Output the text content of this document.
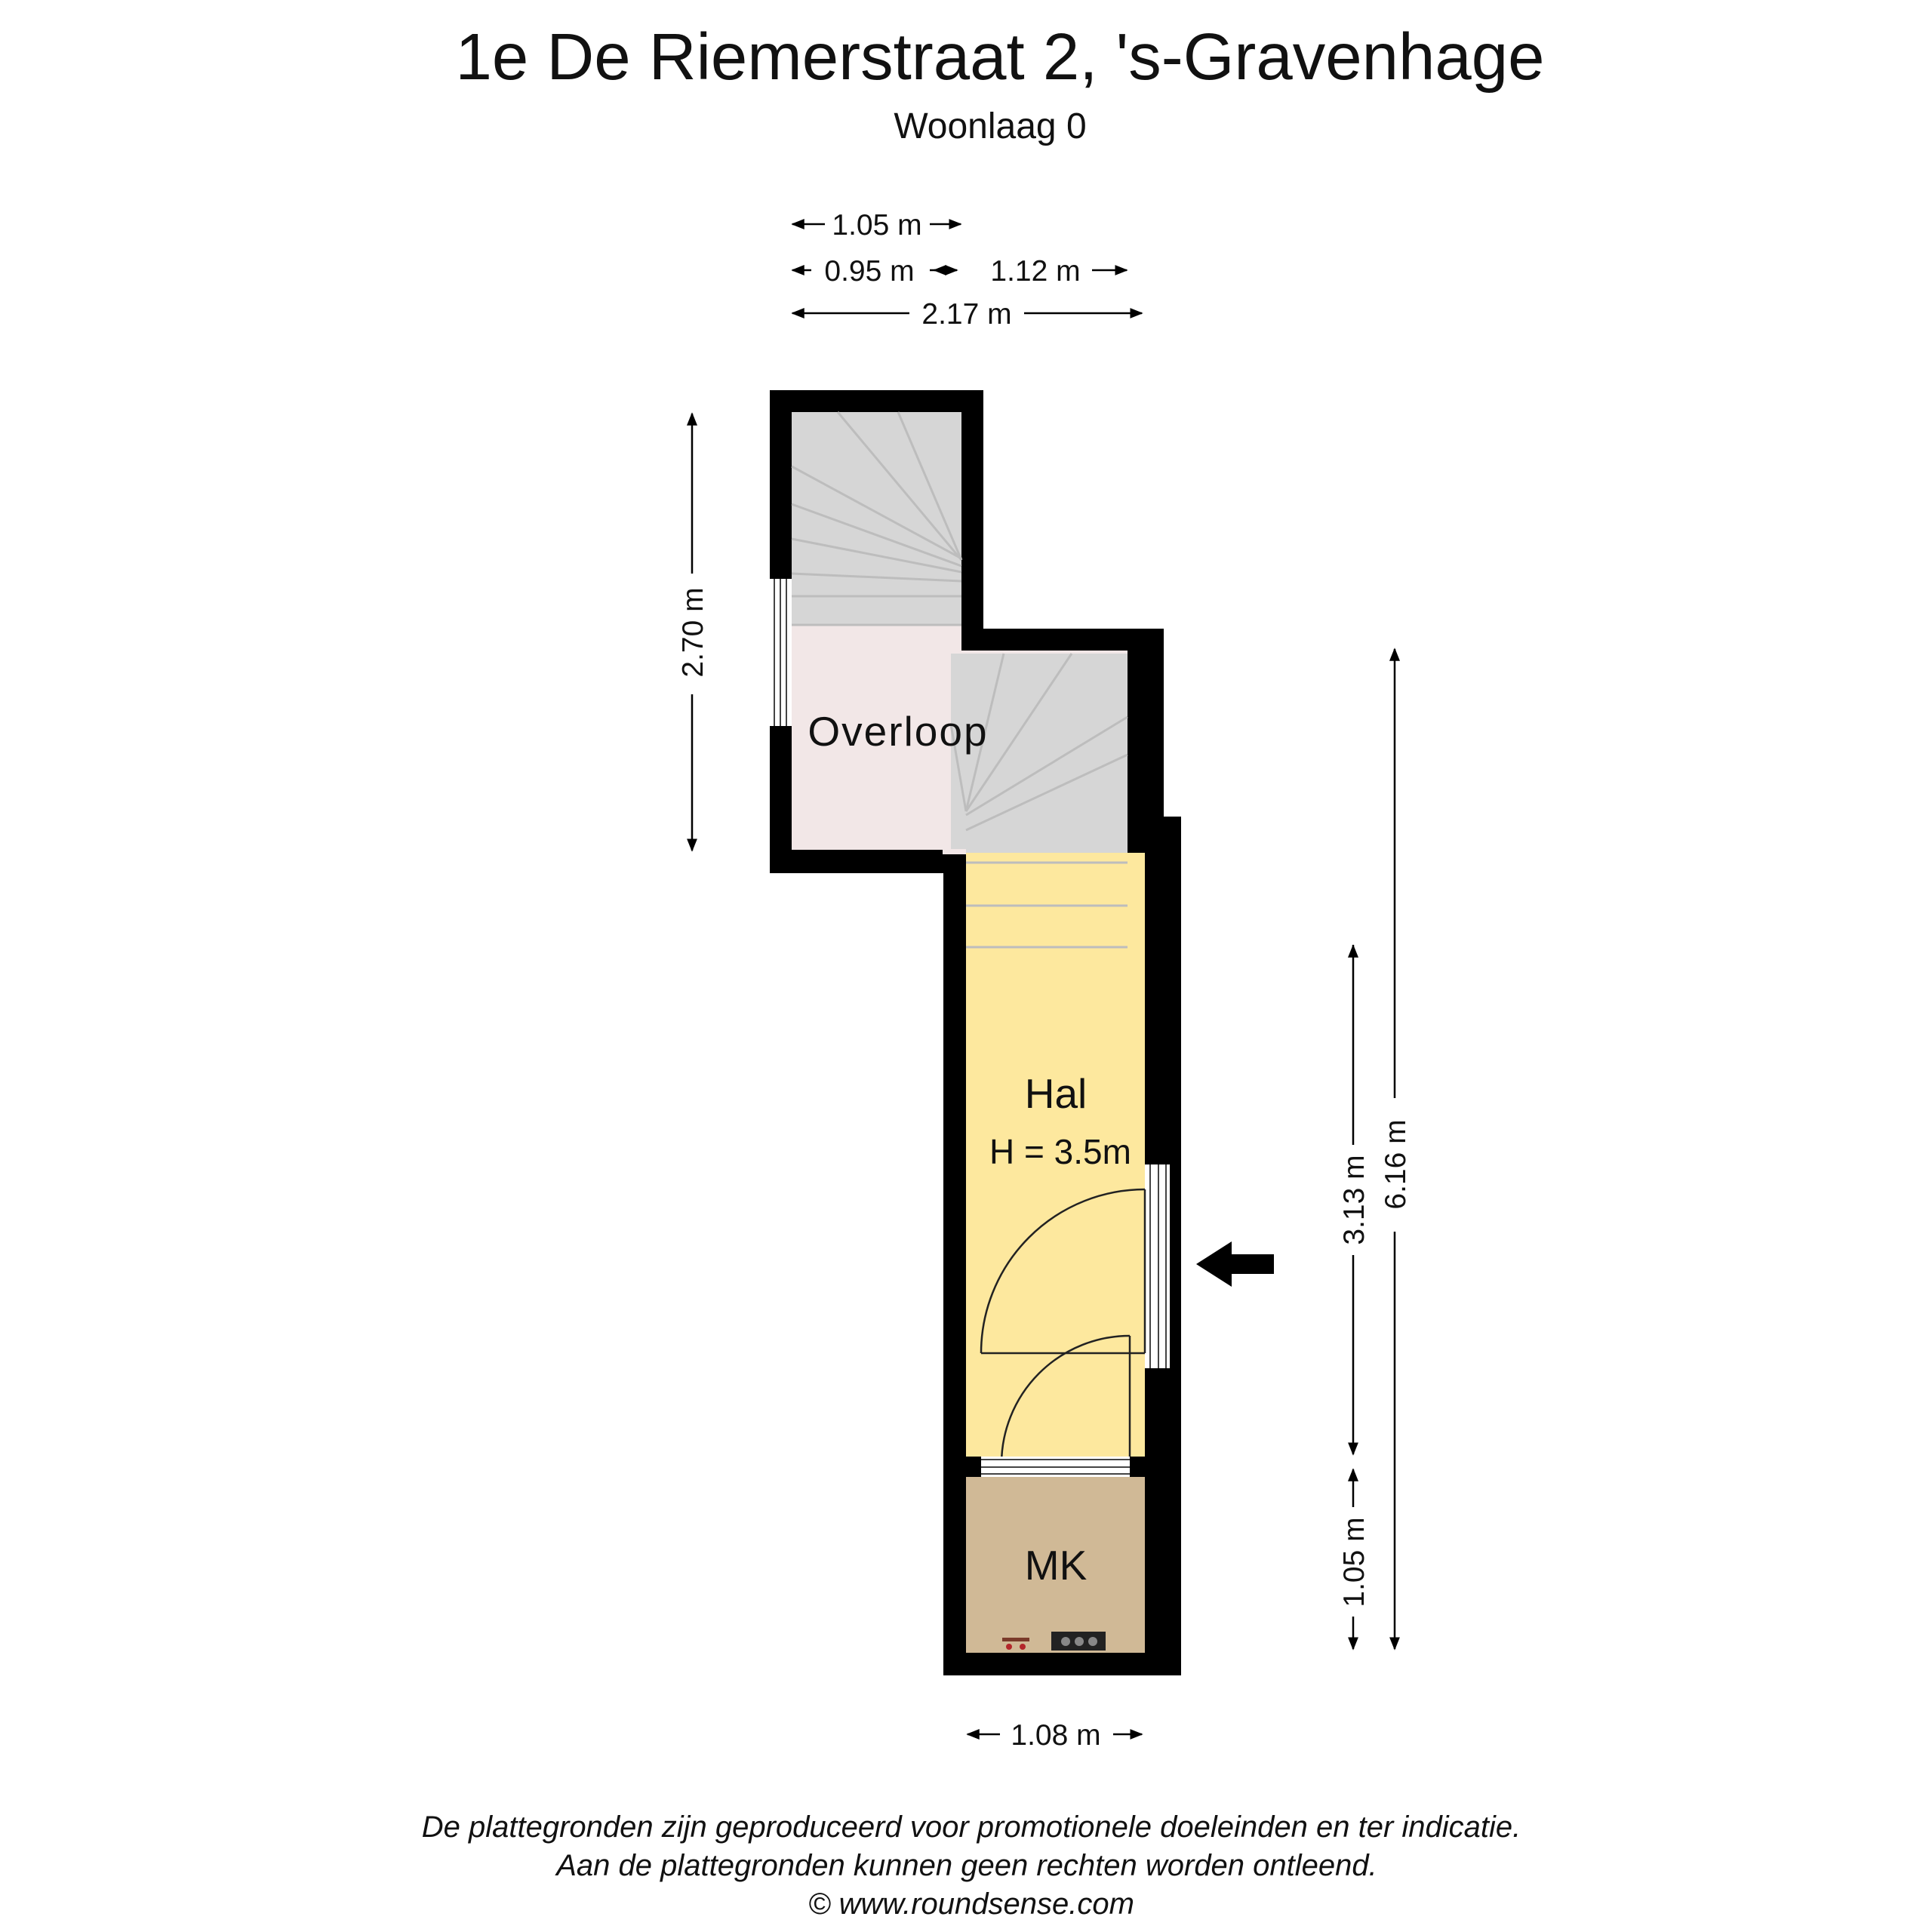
1e De Riemerstraat 2, 's-Gravenhage
Woonlaag 0
1.05 m
0.95 m	1.12 m
2.17 m
2.70 m
3.13 m
1.05 m
6.16 m
1.08 m
Overloop
Hal
H = 3.5m
MK
De plattegronden zijn geproduceerd voor promotionele doeleinden en ter indicatie.
Aan de plattegronden kunnen geen rechten worden ontleend.
© www.roundsense.com
